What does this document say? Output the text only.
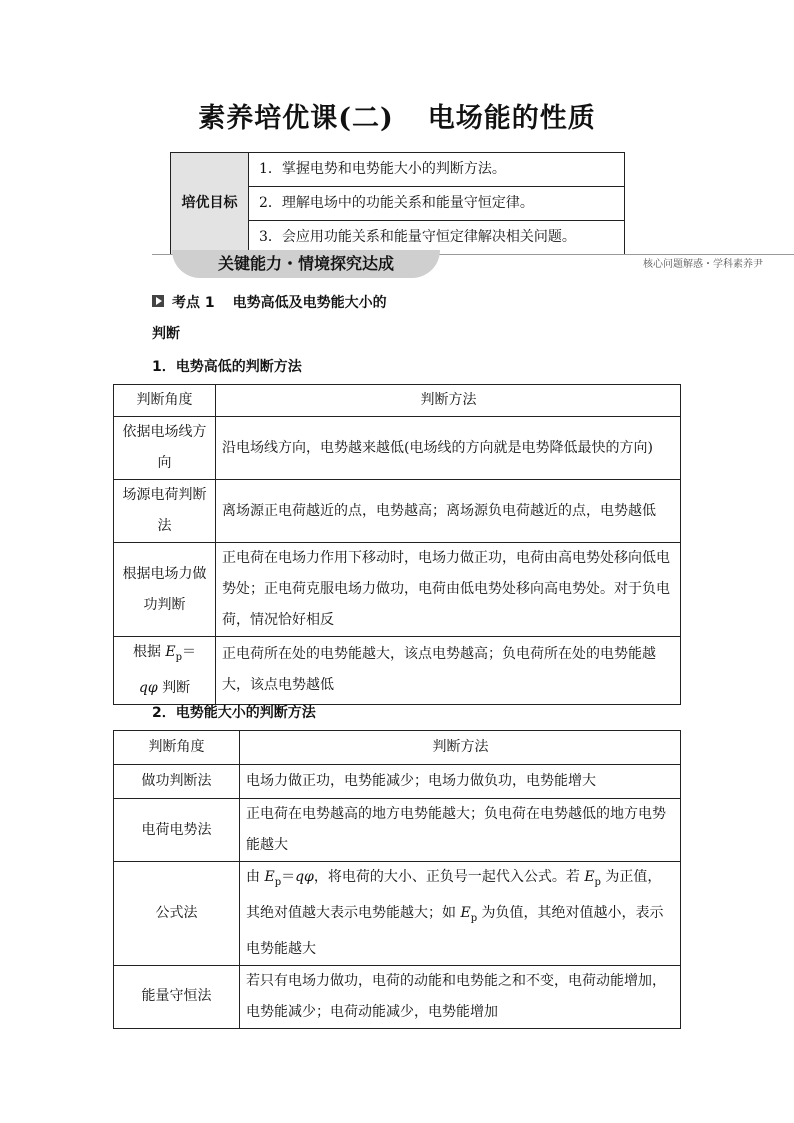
素养培优课(二) 电场能的性质
培优目标	1．掌握电势和电势能大小的判断方法。
2．理解电场中的功能关系和能量守恒定律。
3．会应用功能关系和能量守恒定律解决相关问题。
关键能力・情境探究达成	核心问题解惑・学科素养尹
考点 1 电势高低及电势能大小的
判断
1．电势高低的判断方法
判断角度	判断方法
依据电场线方向	沿电场线方向，电势越来越低(电场线的方向就是电势降低最快的方向)
场源电荷判断法	离场源正电荷越近的点，电势越高；离场源负电荷越近的点，电势越低
根据电场力做功判断	正电荷在电场力作用下移动时，电场力做正功，电荷由高电势处移向低电势处；正电荷克服电场力做功，电荷由低电势处移向高电势处。对于负电荷，情况恰好相反
根据 $E_p=$
qφ 判断	正电荷所在处的电势能越大，该点电势越高；负电荷所在处的电势能越大，该点电势越低
2．电势能大小的判断方法
判断角度	判断方法
做功判断法	电场力做正功，电势能减少；电场力做负功，电势能增大
电荷电势法	正电荷在电势越高的地方电势能越大；负电荷在电势越低的地方电势能越大
公式法	由 $E_p=q\varphi$，将电荷的大小、正负号一起代入公式。若 $E_p$ 为正值，其绝对值越大表示电势能越大；如 $E_p$ 为负值，其绝对值越小，表示电势能越大
能量守恒法	若只有电场力做功，电荷的动能和电势能之和不变，电荷动能增加，电势能减少；电荷动能减少，电势能增加
